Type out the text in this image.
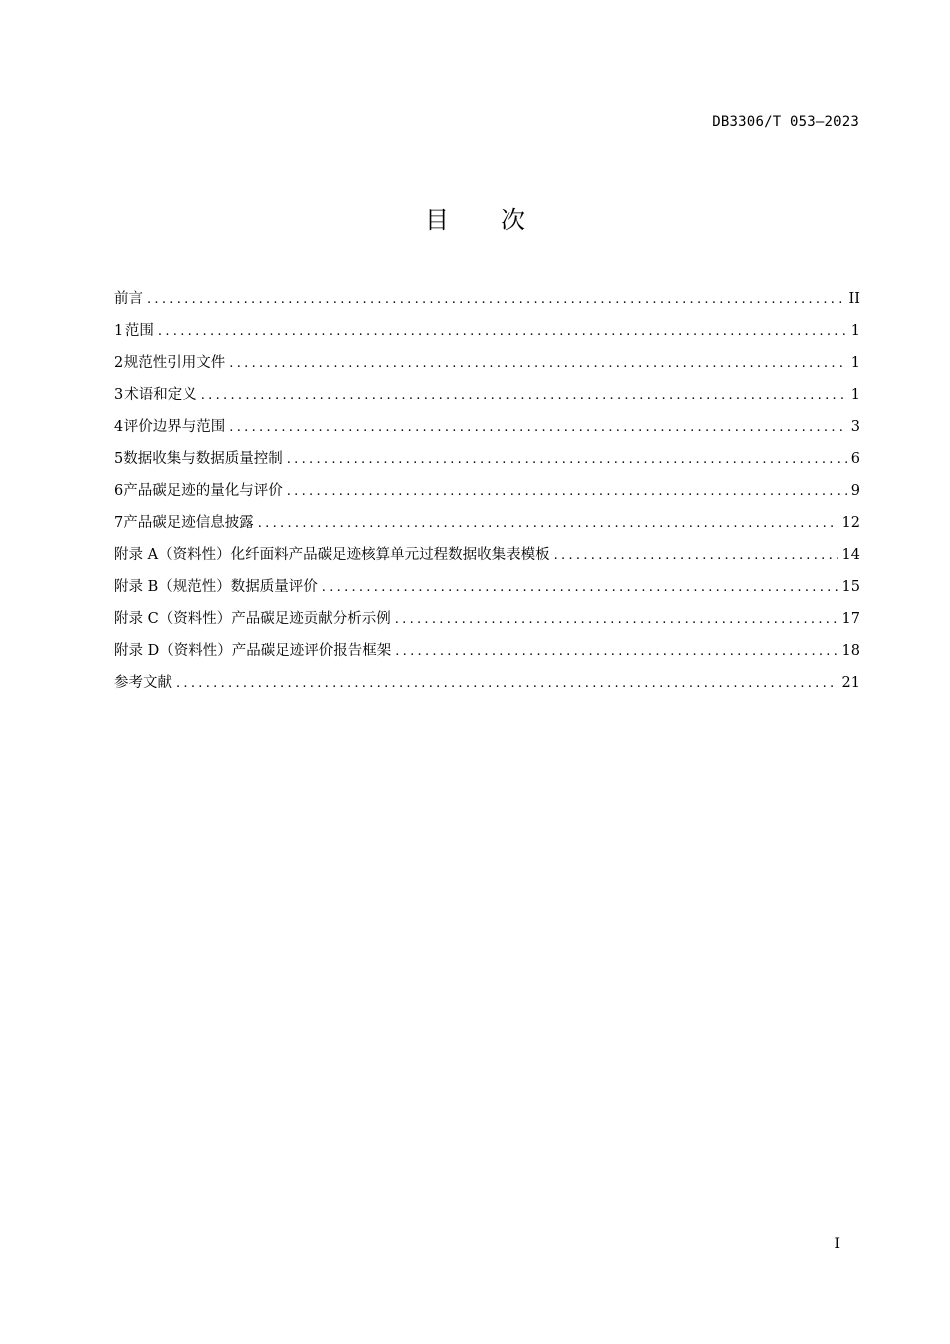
DB3306/T 053—2023
目 次
前言 .....	II
1 范围 .....	1
2 规范性引用文件 .....	1
3 术语和定义 .....	1
4 评价边界与范围 .....	3
5 数据收集与数据质量控制 .....	6
6 产品碳足迹的量化与评价 .....	9
7 产品碳足迹信息披露 .....	12
附录 A（资料性） 化纤面料产品碳足迹核算单元过程数据收集表模板 .....	14
附录 B（规范性） 数据质量评价 .....	15
附录 C（资料性） 产品碳足迹贡献分析示例 .....	17
附录 D（资料性） 产品碳足迹评价报告框架 .....	18
参考文献 .....	21
I
